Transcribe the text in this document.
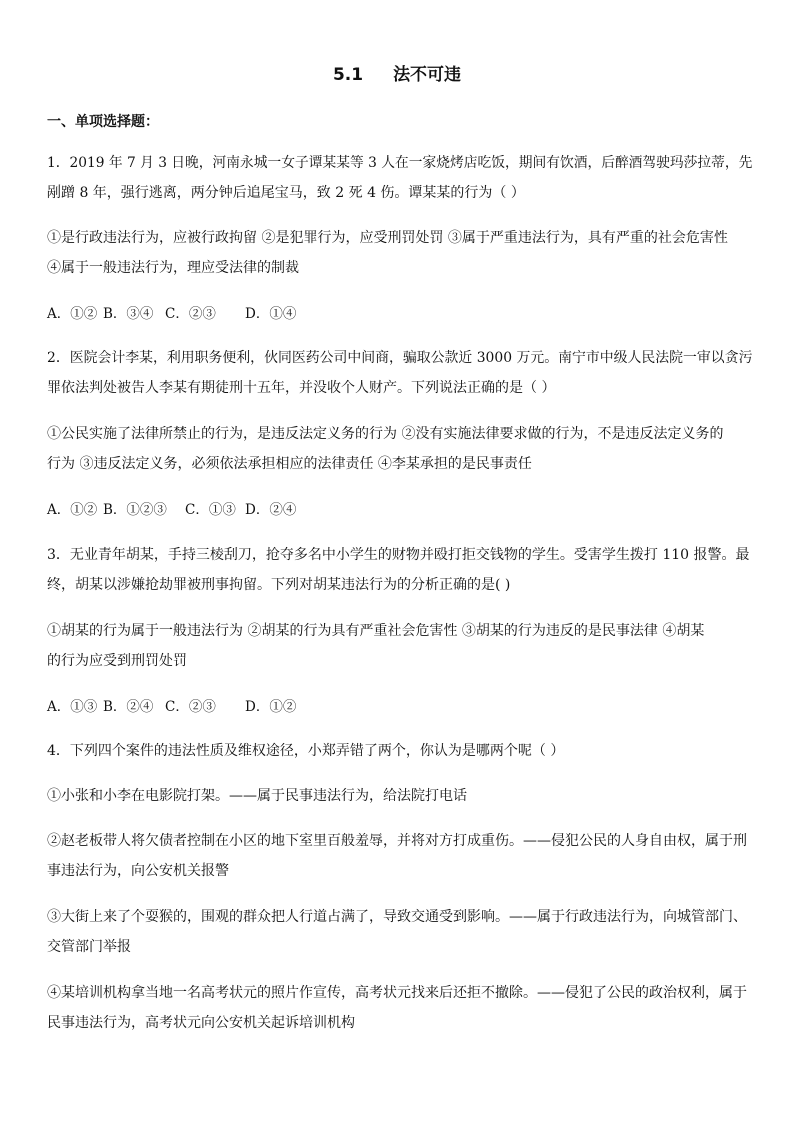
5.1 法不可违
一、单项选择题：
1．2019 年 7 月 3 日晚，河南永城一女子谭某某等 3 人在一家烧烤店吃饭，期间有饮酒，后醉酒驾驶玛莎拉蒂，先
剐蹭 8 年，强行逃离，两分钟后追尾宝马，致 2 死 4 伤。谭某某的行为（ ）
①是行政违法行为，应被行政拘留 ②是犯罪行为，应受刑罚处罚 ③属于严重违法行为，具有严重的社会危害性
④属于一般违法行为，理应受法律的制裁
A．①② B．③④ C．②③ D．①④
2．医院会计李某，利用职务便利，伙同医药公司中间商，骗取公款近 3000 万元。南宁市中级人民法院一审以贪污
罪依法判处被告人李某有期徒刑十五年，并没收个人财产。下列说法正确的是（ ）
①公民实施了法律所禁止的行为，是违反法定义务的行为 ②没有实施法律要求做的行为，不是违反法定义务的
行为 ③违反法定义务，必须依法承担相应的法律责任 ④李某承担的是民事责任
A．①② B．①②③ C．①③ D．②④
3．无业青年胡某，手持三棱刮刀，抢夺多名中小学生的财物并殴打拒交钱物的学生。受害学生拨打 110 报警。最
终，胡某以涉嫌抢劫罪被刑事拘留。下列对胡某违法行为的分析正确的是( )
①胡某的行为属于一般违法行为 ②胡某的行为具有严重社会危害性 ③胡某的行为违反的是民事法律 ④胡某
的行为应受到刑罚处罚
A．①③ B．②④ C．②③ D．①②
4．下列四个案件的违法性质及维权途径，小郑弄错了两个，你认为是哪两个呢（ ）
①小张和小李在电影院打架。——属于民事违法行为，给法院打电话
②赵老板带人将欠债者控制在小区的地下室里百般羞辱，并将对方打成重伤。——侵犯公民的人身自由权，属于刑
事违法行为，向公安机关报警
③大街上来了个耍猴的，围观的群众把人行道占满了，导致交通受到影响。——属于行政违法行为，向城管部门、
交管部门举报
④某培训机构拿当地一名高考状元的照片作宣传，高考状元找来后还拒不撤除。——侵犯了公民的政治权利，属于
民事违法行为，高考状元向公安机关起诉培训机构
